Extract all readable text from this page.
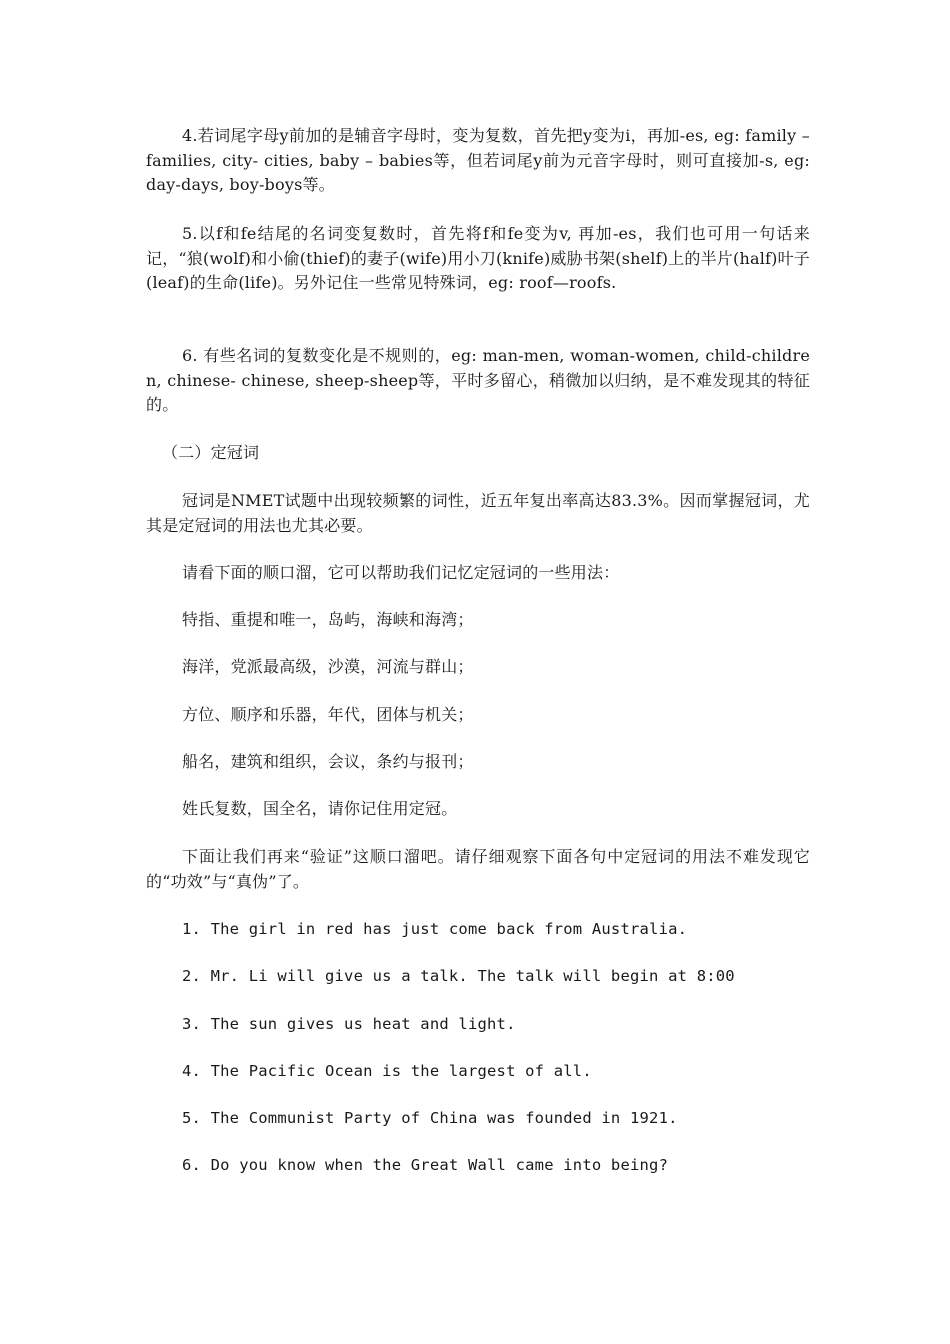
4.若词尾字母y前加的是辅音字母时，变为复数，首先把y变为i，再加-es, eg: family – families, city- cities, baby – babies等，但若词尾y前为元音字母时，则可直接加-s, eg: day-days, boy-boys等。

5.以f和fe结尾的名词变复数时，首先将f和fe变为v, 再加-es，我们也可用一句话来记，“狼(wolf)和小偷(thief)的妻子(wife)用小刀(knife)威胁书架(shelf)上的半片(half)叶子(leaf)的生命(life)。另外记住一些常见特殊词，eg: roof—roofs.

6. 有些名词的复数变化是不规则的，eg: man-men, woman-women, child-children, chinese- chinese, sheep-sheep等，平时多留心，稍微加以归纳，是不难发现其的特征的。

（二）定冠词

冠词是NMET试题中出现较频繁的词性，近五年复出率高达83.3%。因而掌握冠词，尤其是定冠词的用法也尤其必要。

请看下面的顺口溜，它可以帮助我们记忆定冠词的一些用法：

特指、重提和唯一，岛屿，海峡和海湾；

海洋，党派最高级，沙漠，河流与群山；

方位、顺序和乐器，年代，团体与机关；

船名，建筑和组织，会议，条约与报刊；

姓氏复数，国全名，请你记住用定冠。

下面让我们再来“验证”这顺口溜吧。请仔细观察下面各句中定冠词的用法不难发现它的“功效”与“真伪”了。

1. The girl in red has just come back from Australia.

2. Mr. Li will give us a talk. The talk will begin at 8:00

3. The sun gives us heat and light.

4. The Pacific Ocean is the largest of all.

5. The Communist Party of China was founded in 1921.

6. Do you know when the Great Wall came into being?
